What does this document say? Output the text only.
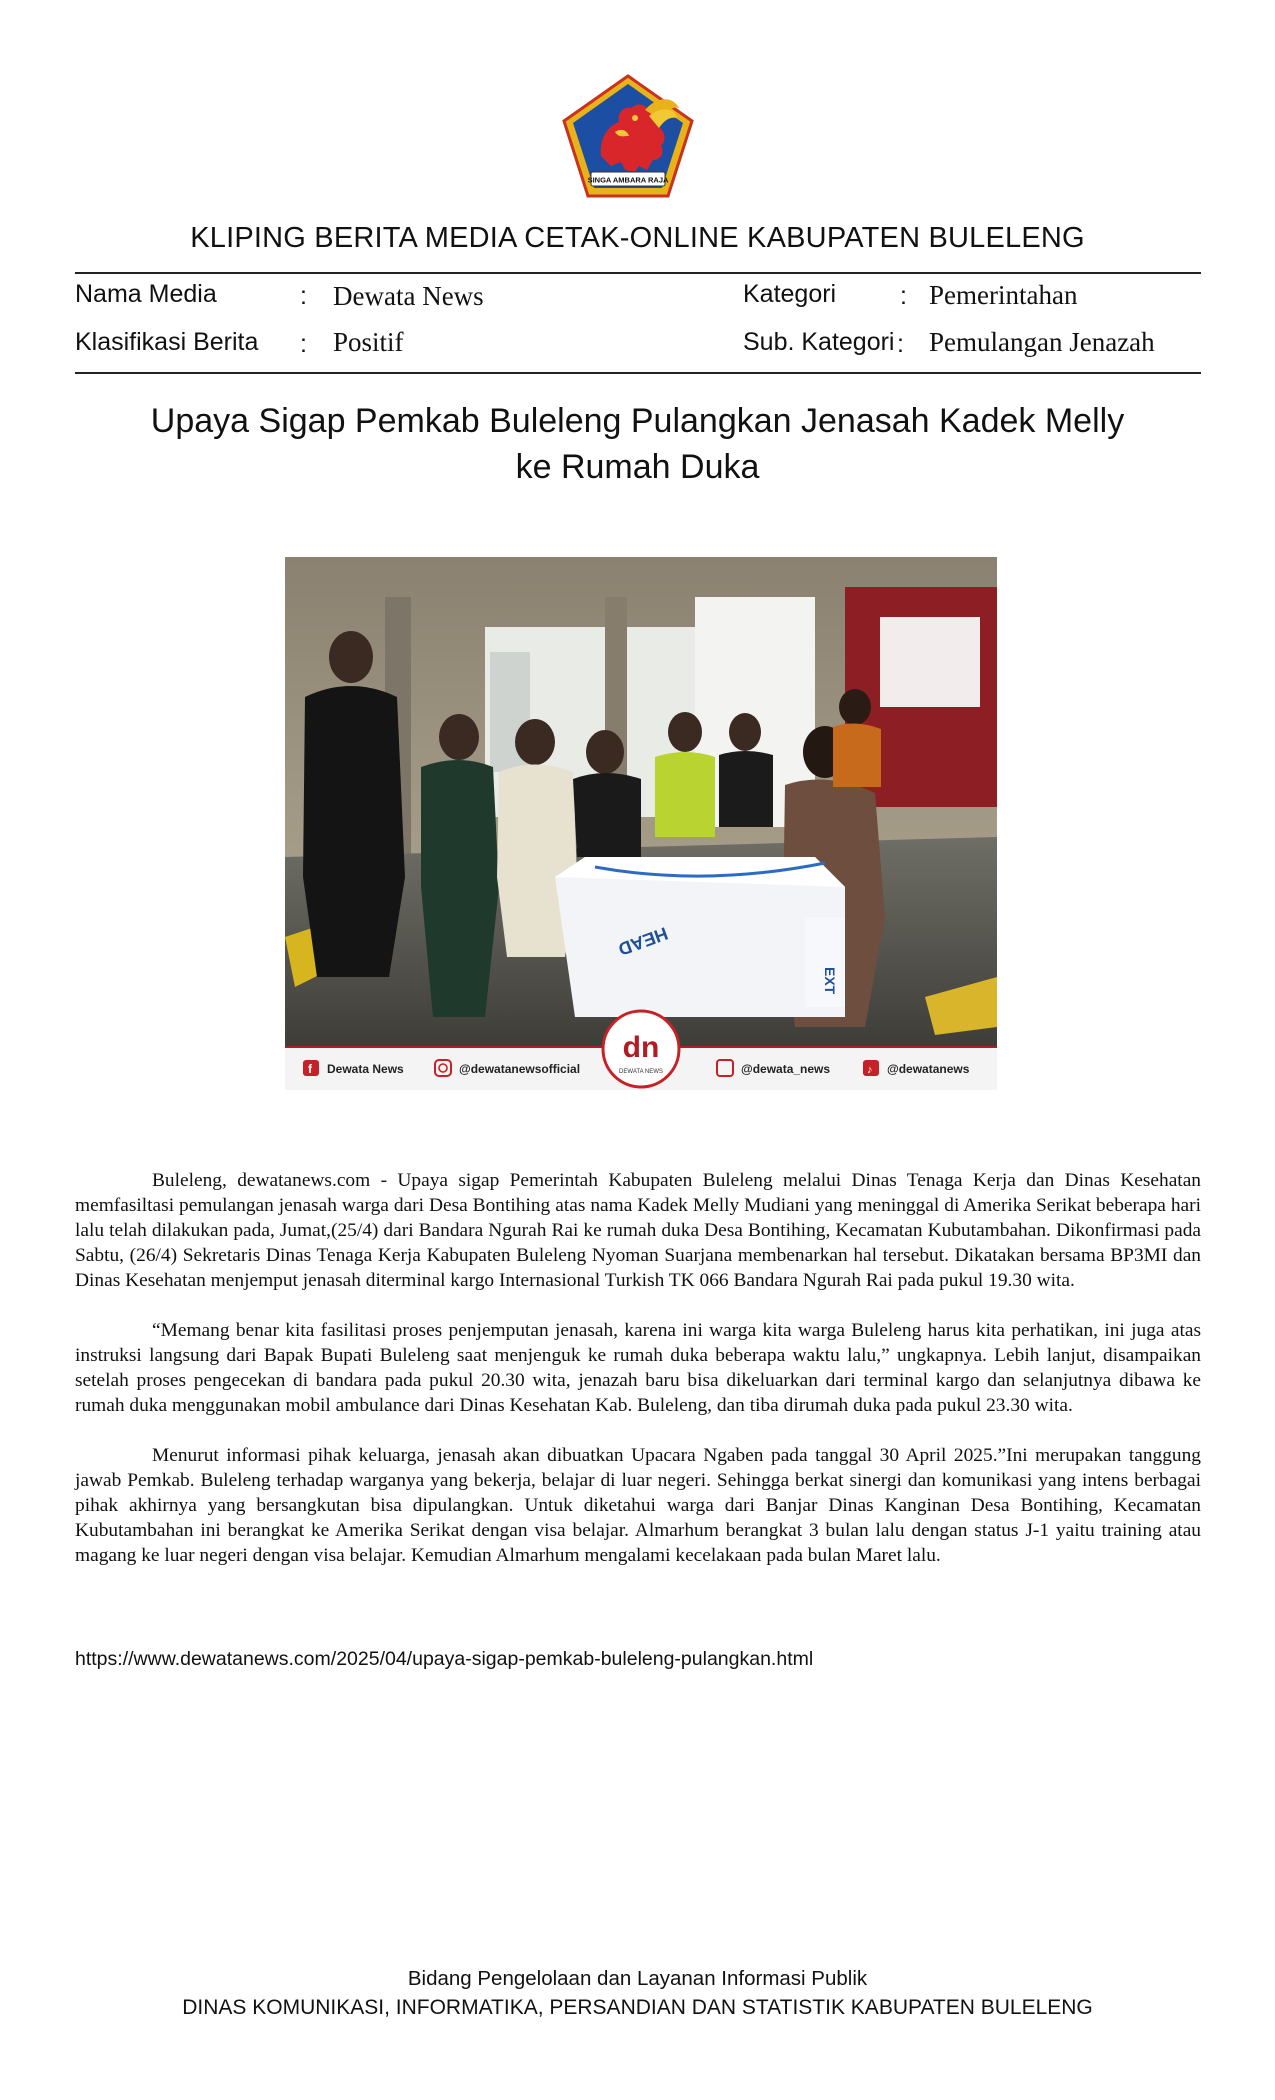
SINGA AMBARA RAJA
KLIPING BERITA MEDIA CETAK-ONLINE KABUPATEN BULELENG
Nama Media	: Dewata News	Kategori	: Pemerintahan
Klasifikasi Berita : Positif	Sub. Kategori : Pemulangan Jenazah
Upaya Sigap Pemkab Buleleng Pulangkan Jenasah Kadek Melly
ke Rumah Duka
HEAD
EXT
f Dewata News	@dewatanewsofficial
dn
DEWATA NEWS	@dewata_news	♪ @dewatanews

Buleleng, dewatanews.com - Upaya sigap Pemerintah Kabupaten Buleleng melalui Dinas Tenaga Kerja dan Dinas Kesehatan memfasiltasi pemulangan jenasah warga dari Desa Bontihing atas nama Kadek Melly Mudiani yang meninggal di Amerika Serikat beberapa hari lalu telah dilakukan pada, Jumat,(25/4) dari Bandara Ngurah Rai ke rumah duka Desa Bontihing, Kecamatan Kubutambahan. Dikonfirmasi pada Sabtu, (26/4) Sekretaris Dinas Tenaga Kerja Kabupaten Buleleng Nyoman Suarjana membenarkan hal tersebut. Dikatakan bersama BP3MI dan Dinas Kesehatan menjemput jenasah diterminal kargo Internasional Turkish TK 066 Bandara Ngurah Rai pada pukul 19.30 wita.

“Memang benar kita fasilitasi proses penjemputan jenasah, karena ini warga kita warga Buleleng harus kita perhatikan, ini juga atas instruksi langsung dari Bapak Bupati Buleleng saat menjenguk ke rumah duka beberapa waktu lalu,” ungkapnya. Lebih lanjut, disampaikan setelah proses pengecekan di bandara pada pukul 20.30 wita, jenazah baru bisa dikeluarkan dari terminal kargo dan selanjutnya dibawa ke rumah duka menggunakan mobil ambulance dari Dinas Kesehatan Kab. Buleleng, dan tiba dirumah duka pada pukul 23.30 wita.

Menurut informasi pihak keluarga, jenasah akan dibuatkan Upacara Ngaben pada tanggal 30 April 2025.”Ini merupakan tanggung jawab Pemkab. Buleleng terhadap warganya yang bekerja, belajar di luar negeri. Sehingga berkat sinergi dan komunikasi yang intens berbagai pihak akhirnya yang bersangkutan bisa dipulangkan. Untuk diketahui warga dari Banjar Dinas Kanginan Desa Bontihing, Kecamatan Kubutambahan ini berangkat ke Amerika Serikat dengan visa belajar. Almarhum berangkat 3 bulan lalu dengan status J-1 yaitu training atau magang ke luar negeri dengan visa belajar. Kemudian Almarhum mengalami kecelakaan pada bulan Maret lalu.

https://www.dewatanews.com/2025/04/upaya-sigap-pemkab-buleleng-pulangkan.html
Bidang Pengelolaan dan Layanan Informasi Publik
DINAS KOMUNIKASI, INFORMATIKA, PERSANDIAN DAN STATISTIK KABUPATEN BULELENG
